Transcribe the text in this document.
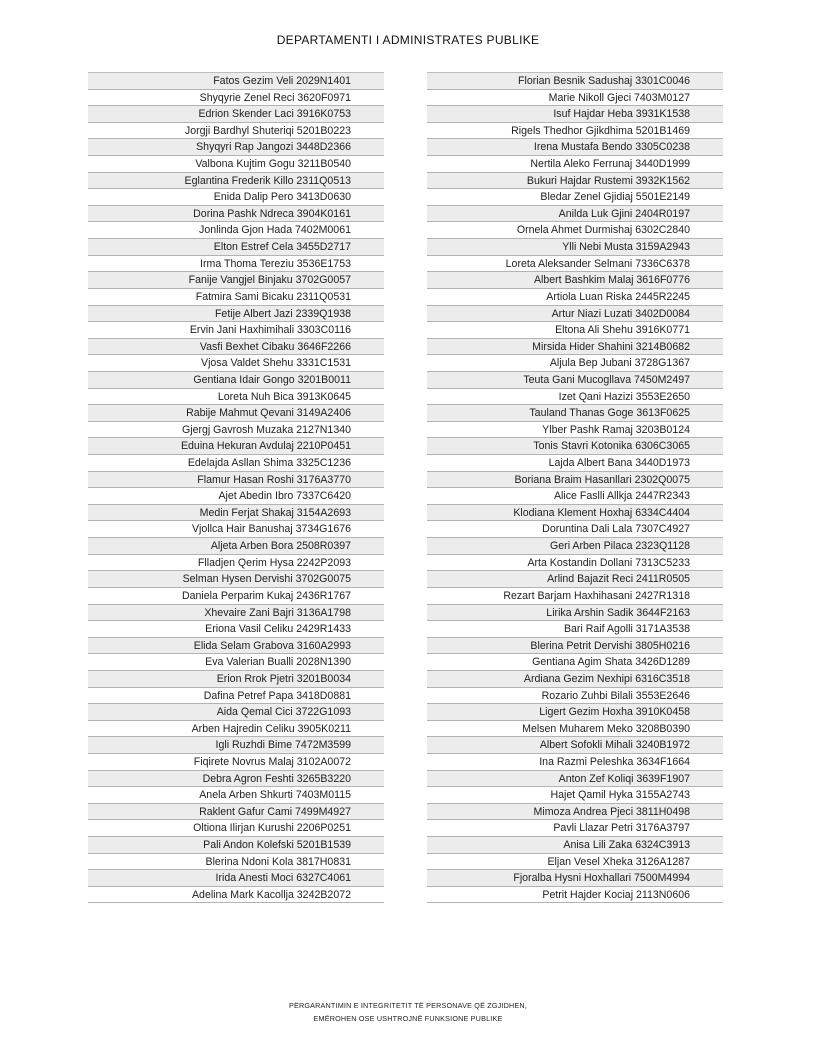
DEPARTAMENTI I ADMINISTRATES PUBLIKE
Fatos Gezim Veli 2029N1401
Shyqyrie Zenel Reci 3620F0971
Edrion Skender Laci 3916K0753
Jorgji Bardhyl Shuteriqi 5201B0223
Shyqyri Rap Jangozi 3448D2366
Valbona Kujtim Gogu 3211B0540
Eglantina Frederik Killo 2311Q0513
Enida Dalip Pero 3413D0630
Dorina Pashk Ndreca 3904K0161
Jonlinda Gjon Hada 7402M0061
Elton Estref Cela 3455D2717
Irma Thoma Tereziu 3536E1753
Fanije Vangjel Binjaku 3702G0057
Fatmira Sami Bicaku 2311Q0531
Fetije Albert Jazi 2339Q1938
Ervin Jani Haxhimihali 3303C0116
Vasfi Bexhet Cibaku 3646F2266
Vjosa Valdet Shehu 3331C1531
Gentiana Idair Gongo 3201B0011
Loreta Nuh Bica 3913K0645
Rabije Mahmut Qevani 3149A2406
Gjergj Gavrosh Muzaka 2127N1340
Eduina Hekuran Avdulaj 2210P0451
Edelajda Asllan Shima 3325C1236
Flamur Hasan Roshi 3176A3770
Ajet Abedin Ibro 7337C6420
Medin Ferjat Shakaj 3154A2693
Vjollca Hair Banushaj 3734G1676
Aljeta Arben Bora 2508R0397
Flladjen Qerim Hysa 2242P2093
Selman Hysen Dervishi 3702G0075
Daniela Perparim Kukaj 2436R1767
Xhevaire Zani Bajri 3136A1798
Eriona Vasil Celiku 2429R1433
Elida Selam Grabova 3160A2993
Eva Valerian Bualli 2028N1390
Erion Rrok Pjetri 3201B0034
Dafina Petref Papa 3418D0881
Aida Qemal Cici 3722G1093
Arben Hajredin Celiku 3905K0211
Igli Ruzhdi Bime 7472M3599
Fiqirete Novrus Malaj 3102A0072
Debra Agron Feshti 3265B3220
Anela Arben Shkurti 7403M0115
Raklent Gafur Cami 7499M4927
Oltiona Ilirjan Kurushi 2206P0251
Pali Andon Kolefski 5201B1539
Blerina Ndoni Kola 3817H0831
Irida Anesti Moci 6327C4061
Adelina Mark Kacollja 3242B2072
Florian Besnik Sadushaj 3301C0046
Marie Nikoll Gjeci 7403M0127
Isuf Hajdar Heba 3931K1538
Rigels Thedhor Gjikdhima 5201B1469
Irena Mustafa Bendo 3305C0238
Nertila Aleko Ferrunaj 3440D1999
Bukuri Hajdar Rustemi 3932K1562
Bledar Zenel Gjidiaj 5501E2149
Anilda Luk Gjini 2404R0197
Ornela Ahmet Durmishaj 6302C2840
Ylli Nebi Musta 3159A2943
Loreta Aleksander Selmani 7336C6378
Albert Bashkim Malaj 3616F0776
Artiola Luan Riska 2445R2245
Artur Niazi Luzati 3402D0084
Eltona Ali Shehu 3916K0771
Mirsida Hider Shahini 3214B0682
Aljula Bep Jubani 3728G1367
Teuta Gani Mucogllava 7450M2497
Izet Qani Hazizi 3553E2650
Tauland Thanas Goge 3613F0625
Ylber Pashk Ramaj 3203B0124
Tonis Stavri Kotonika 6306C3065
Lajda Albert Bana 3440D1973
Boriana Braim Hasanllari 2302Q0075
Alice Faslli Allkja 2447R2343
Klodiana Klement Hoxhaj 6334C4404
Doruntina Dali Lala 7307C4927
Geri Arben Pilaca 2323Q1128
Arta Kostandin Dollani 7313C5233
Arlind Bajazit Reci 2411R0505
Rezart Barjam Haxhihasani 2427R1318
Lirika Arshin Sadik 3644F2163
Bari Raif Agolli 3171A3538
Blerina Petrit Dervishi 3805H0216
Gentiana Agim Shata 3426D1289
Ardiana Gezim Nexhipi 6316C3518
Rozario Zuhbi Bilali 3553E2646
Ligert Gezim Hoxha 3910K0458
Melsen Muharem Meko 3208B0390
Albert Sofokli Mihali 3240B1972
Ina Razmi Peleshka 3634F1664
Anton Zef Koliqi 3639F1907
Hajet Qamil Hyka 3155A2743
Mimoza Andrea Pjeci 3811H0498
Pavli Llazar Petri 3176A3797
Anisa Lili Zaka 6324C3913
Eljan Vesel Xheka 3126A1287
Fjoralba Hysni Hoxhallari 7500M4994
Petrit Hajder Kociaj 2113N0606
PËRGARANTIMIN E INTEGRITETIT TË PERSONAVE QË ZGJIDHEN,
EMËROHEN OSE USHTROJNË FUNKSIONE PUBLIKE
